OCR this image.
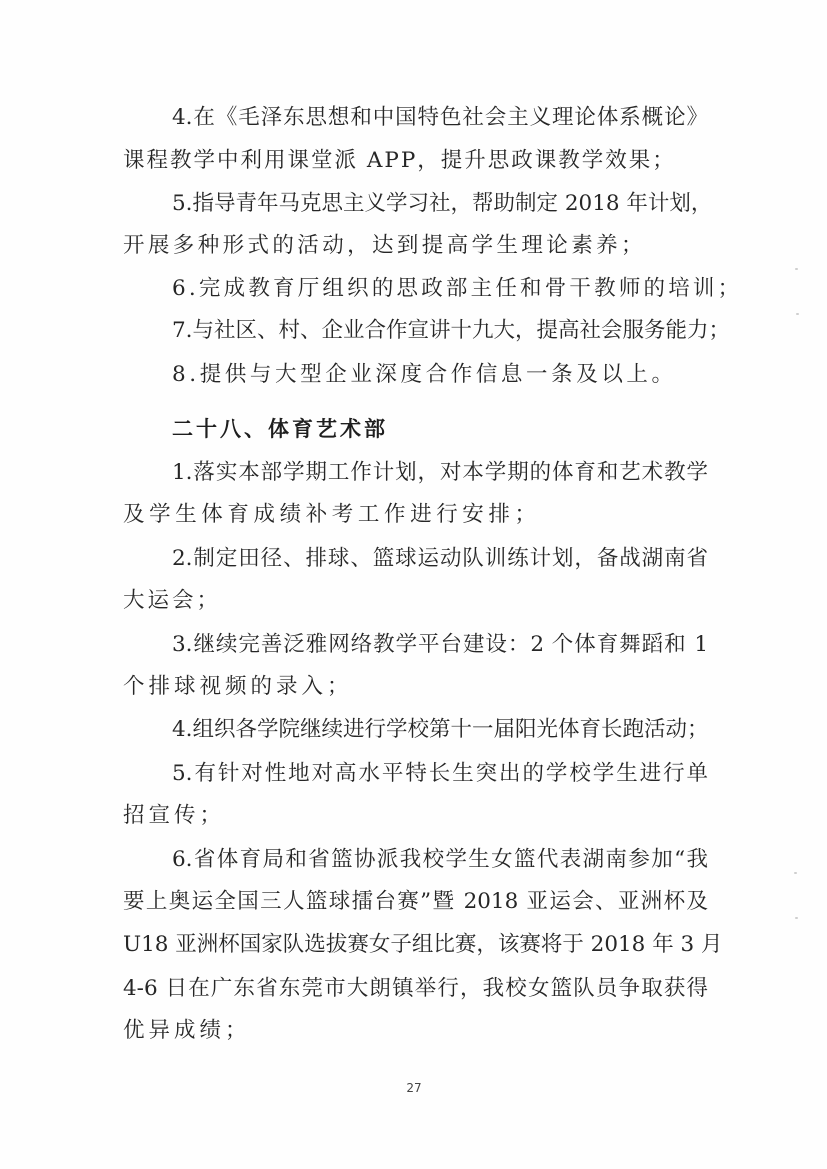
4.在《毛泽东思想和中国特色社会主义理论体系概论》
课程教学中利用课堂派 APP，提升思政课教学效果；
5.指导青年马克思主义学习社，帮助制定 2018 年计划，
开展多种形式的活动，达到提高学生理论素养；
6.完成教育厅组织的思政部主任和骨干教师的培训；
7.与社区、村、企业合作宣讲十九大，提高社会服务能力；
8.提供与大型企业深度合作信息一条及以上。
二十八、体育艺术部
1.落实本部学期工作计划，对本学期的体育和艺术教学
及学生体育成绩补考工作进行安排；
2.制定田径、排球、篮球运动队训练计划，备战湖南省
大运会；
3.继续完善泛雅网络教学平台建设：2 个体育舞蹈和 1
个排球视频的录入；
4.组织各学院继续进行学校第十一届阳光体育长跑活动；
5.有针对性地对高水平特长生突出的学校学生进行单
招宣传；
6.省体育局和省篮协派我校学生女篮代表湖南参加“我
要上奥运全国三人篮球擂台赛”暨 2018 亚运会、亚洲杯及
U18 亚洲杯国家队选拔赛女子组比赛，该赛将于 2018 年 3 月
4-6 日在广东省东莞市大朗镇举行，我校女篮队员争取获得
优异成绩；
27
